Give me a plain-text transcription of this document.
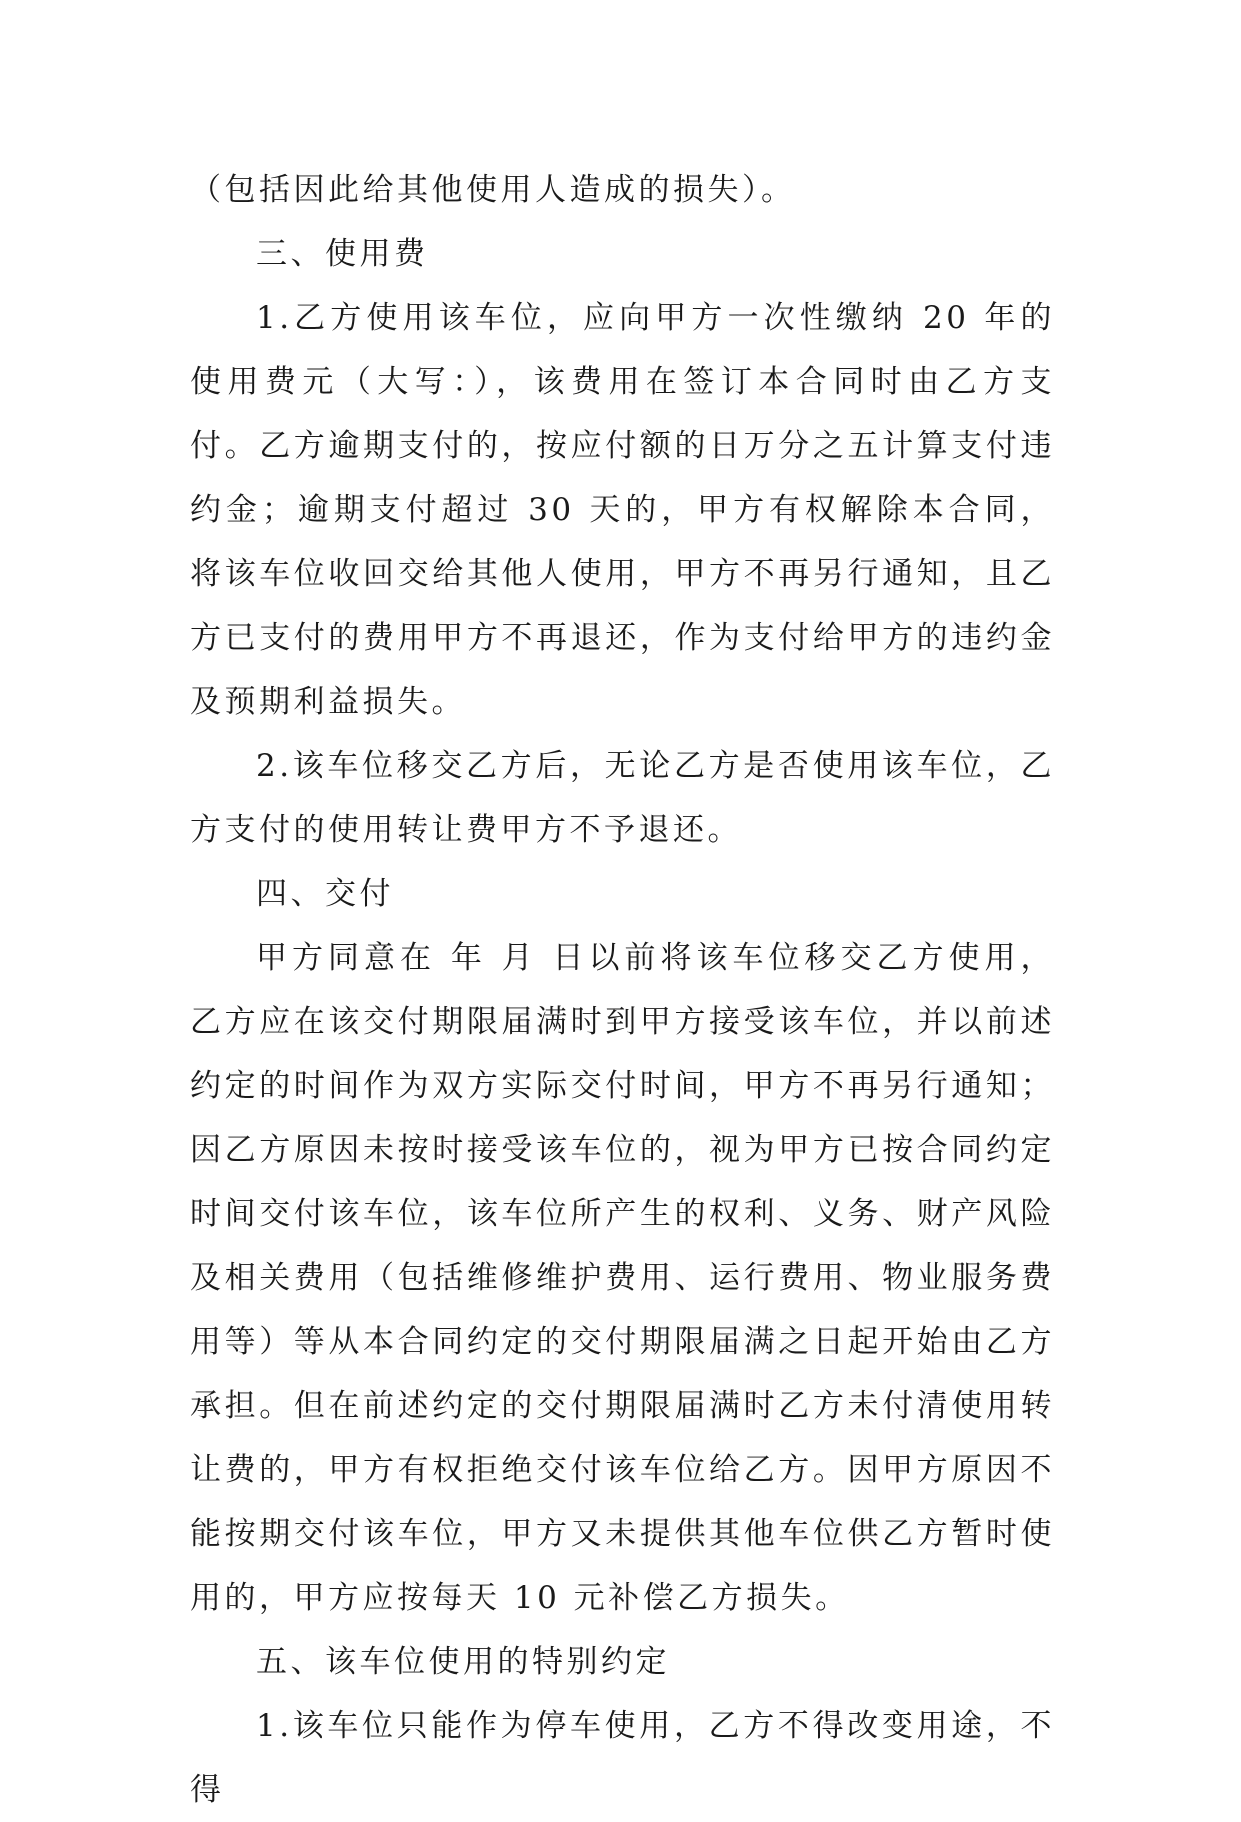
（包括因此给其他使用人造成的损失）。

三、使用费

1.乙方使用该车位，应向甲方一次性缴纳 20 年的使用费元（大写：），该费用在签订本合同时由乙方支付。乙方逾期支付的，按应付额的日万分之五计算支付违约金；逾期支付超过 30 天的，甲方有权解除本合同，将该车位收回交给其他人使用，甲方不再另行通知，且乙方已支付的费用甲方不再退还，作为支付给甲方的违约金及预期利益损失。

2.该车位移交乙方后，无论乙方是否使用该车位，乙方支付的使用转让费甲方不予退还。

四、交付

甲方同意在 年 月 日以前将该车位移交乙方使用，乙方应在该交付期限届满时到甲方接受该车位，并以前述约定的时间作为双方实际交付时间，甲方不再另行通知；因乙方原因未按时接受该车位的，视为甲方已按合同约定时间交付该车位，该车位所产生的权利、义务、财产风险及相关费用（包括维修维护费用、运行费用、物业服务费用等）等从本合同约定的交付期限届满之日起开始由乙方承担。但在前述约定的交付期限届满时乙方未付清使用转让费的，甲方有权拒绝交付该车位给乙方。因甲方原因不能按期交付该车位，甲方又未提供其他车位供乙方暂时使用的，甲方应按每天 10 元补偿乙方损失。

五、该车位使用的特别约定

1.该车位只能作为停车使用，乙方不得改变用途，不得
